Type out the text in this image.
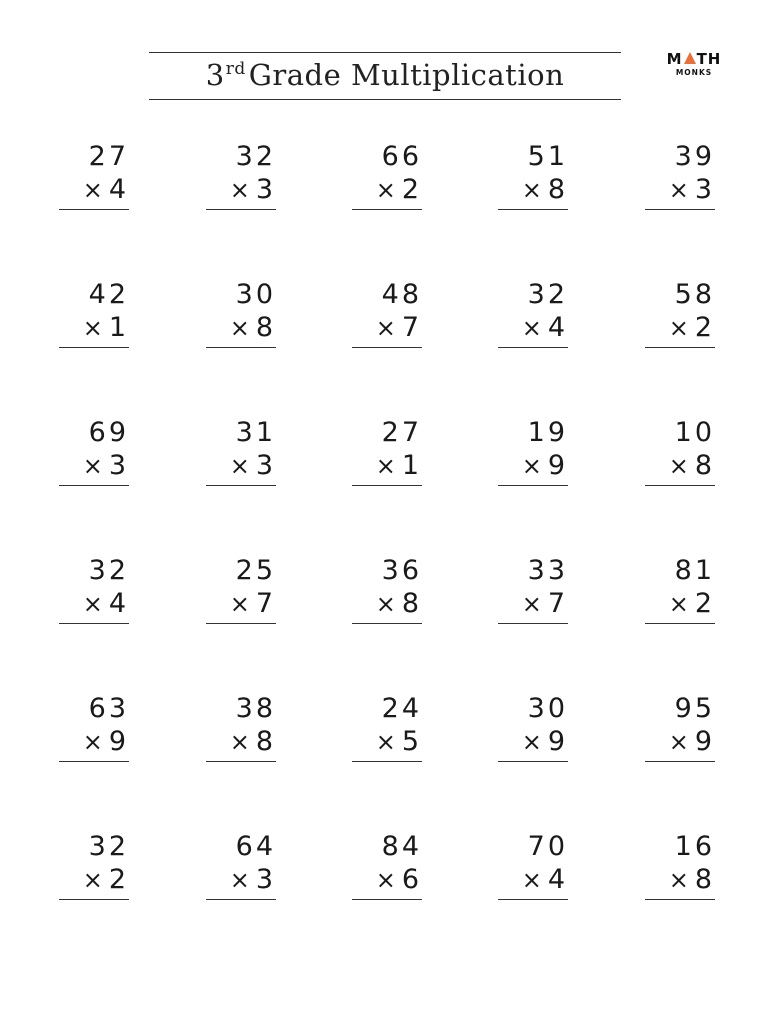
3rd Grade Multiplication	M TH
MONKS
27
× 4
32
× 3
66
× 2
51
× 8
39
× 3
42
× 1
30
× 8
48
× 7
32
× 4
58
× 2
69
× 3
31
× 3
27
× 1
19
× 9
10
× 8
32
× 4
25
× 7
36
× 8
33
× 7
81
× 2
63
× 9
38
× 8
24
× 5
30
× 9
95
× 9
32
× 2
64
× 3
84
× 6
70
× 4
16
× 8
